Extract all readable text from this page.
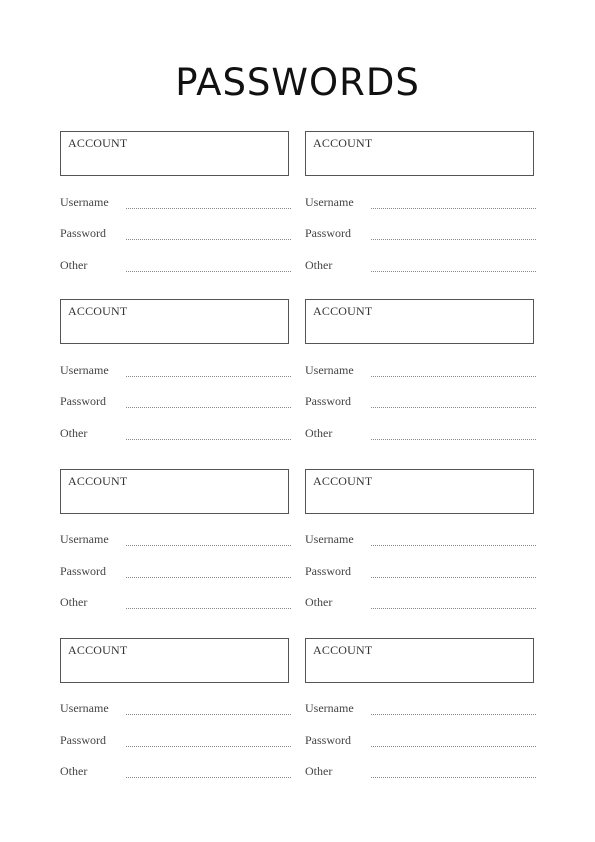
PASSWORDS
ACCOUNT
Username
Password
Other
ACCOUNT
Username
Password
Other
ACCOUNT
Username
Password
Other
ACCOUNT
Username
Password
Other
ACCOUNT
Username
Password
Other
ACCOUNT
Username
Password
Other
ACCOUNT
Username
Password
Other
ACCOUNT
Username
Password
Other
